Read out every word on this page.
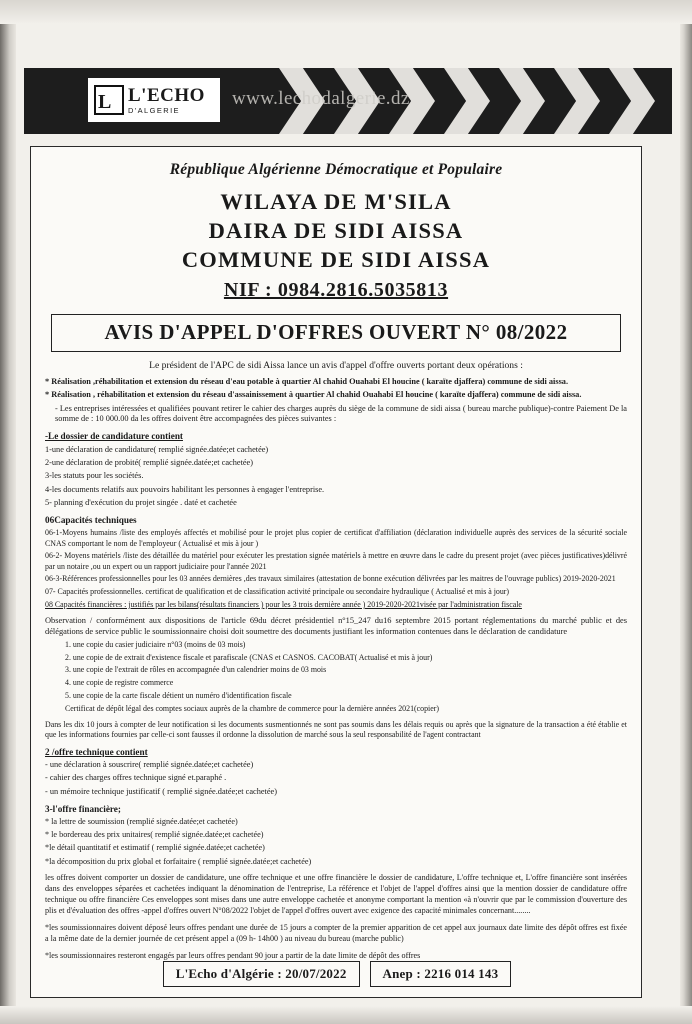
L L'ECHO
D'ALGERIE
www.lechodalgerie.dz
République Algérienne Démocratique et Populaire
WILAYA DE M'SILA
DAIRA DE SIDI AISSA
COMMUNE DE SIDI AISSA
NIF : 0984.2816.5035813
AVIS D'APPEL D'OFFRES OUVERT N° 08/2022

Le président de l'APC de sidi Aissa lance un avis d'appel d'offre ouverts portant deux opérations :

* Réalisation ,réhabilitation et extension du réseau d'eau potable à quartier Al chahid Ouahabi El houcine ( karaïte djaffera) commune de sidi aissa.

* Réalisation , réhabilitation et extension du réseau d'assainissement à quartier Al chahid Ouahabi El houcine ( karaïte djaffera) commune de sidi aissa.

- Les entreprises intéressées et qualifiées pouvant retirer le cahier des charges auprès du siège de la commune de sidi aissa ( bureau marche publique)-contre Paiement De la somme de : 10 000.00 da les offres doivent être accompagnées des pièces suivantes :

-Le dossier de candidature contient

1-une déclaration de candidature( remplié signée.datée;et cachetée)

2-une déclaration de probité( remplié signée.datée;et cachetée)

3-les statuts pour les sociétés.

4-les documents relatifs aux pouvoirs habilitant les personnes à engager l'entreprise.

5- planning d'exécution du projet singée . daté et cachetée

06Capacités techniques

06-1-Moyens humains /liste des employés affectés et mobilisé pour le projet plus copier de certificat d'affiliation (déclaration individuelle auprès des services de la sécurité sociale CNAS comportant le nom de l'employeur ( Actualisé et mis à jour )

06-2- Moyens matériels /liste des détaillée du matériel pour exécuter les prestation signée matériels à mettre en œuvre dans le cadre du present projet (avec pièces justificatives)délivré par un notaire ,ou un expert ou un rapport judiciaire pour l'année 2021

06-3-Références professionnelles pour les 03 années dernières ,des travaux similaires (attestation de bonne exécution délivrées par les maitres de l'ouvrage publics) 2019-2020-2021

07- Capacités professionnelles. certificat de qualification et de classification activité principale ou secondaire hydraulique ( Actualisé et mis à jour)

08 Capacités financières : justifiés par les bilans(résultats financiers ) pour les 3 trois dernière année ) 2019-2020-2021visée par l'administration fiscale

Observation / conformément aux dispositions de l'article 69du décret présidentiel n°15_247 du16 septembre 2015 portant réglementations du marché public et des délégations de service public le soumissionnaire choisi doit soumettre des documents justifiant les information contenues dans le déclaration de candidature

1. une copie du casier judiciaire n°03 (moins de 03 mois)

2. une copie de de extrait d'existence fiscale et parafiscale (CNAS et CASNOS. CACOBAT( Actualisé et mis à jour)

3. une copie de l'extrait de rôles en accompagnée d'un calendrier moins de 03 mois

4. une copie de registre commerce

5. une copie de la carte fiscale détient un numéro d'identification fiscale

Certificat de dépôt légal des comptes sociaux auprès de la chambre de commerce pour la dernière années 2021(copier)

Dans les dix 10 jours à compter de leur notification si les documents susmentionnés ne sont pas soumis dans les délais requis ou après que la signature de la transaction a été établie et que les informations fournies par celle-ci sont fausses il ordonne la dissolution de marché sous la seul responsabilité de l'agent contractant

2 /offre technique contient

- une déclaration à souscrire( remplié signée.datée;et cachetée)

- cahier des charges offres technique signé et.paraphé .

- un mémoire technique justificatif ( remplié signée.datée;et cachetée)

3-l'offre financière;

* la lettre de soumission (remplié signée.datée;et cachetée)

* le bordereau des prix unitaires( remplié signée.datée;et cachetée)

*le détail quantitatif et estimatif ( remplié signée.datée;et cachetée)

*la décomposition du prix global et forfaitaire ( remplié signée.datée;et cachetée)

les offres doivent comporter un dossier de candidature, une offre technique et une offre financière le dossier de candidature, L'offre technique et, L'offre financière sont insérées dans des enveloppes séparées et cachetées indiquant la dénomination de l'entreprise, La référence et l'objet de l'appel d'offres ainsi que la mention dossier de candidature offre technique ou offre financière Ces enveloppes sont mises dans une autre enveloppe cachetée et anonyme comportant la mention «à n'ouvrir que par le commission d'ouverture des plis et d'évaluation des offres -appel d'offres ouvert N°08/2022 l'objet de l'appel d'offres ouvert avec exigence des capacité minimales concernant........

*les soumissionnaires doivent déposé leurs offres pendant une durée de 15 jours a compter de la premier apparition de cet appel aux journaux date limite des dépôt offres est fixée a la même date de la dernier journée de cet présent appel a (09 h- 14h00 ) au niveau du bureau (marche public)

*les soumissionnaires resteront engagés par leurs offres pendant 90 jour a partir de la date limite de dépôt des offres

L'Echo d'Algérie : 20/07/2022	Anep : 2216 014 143
